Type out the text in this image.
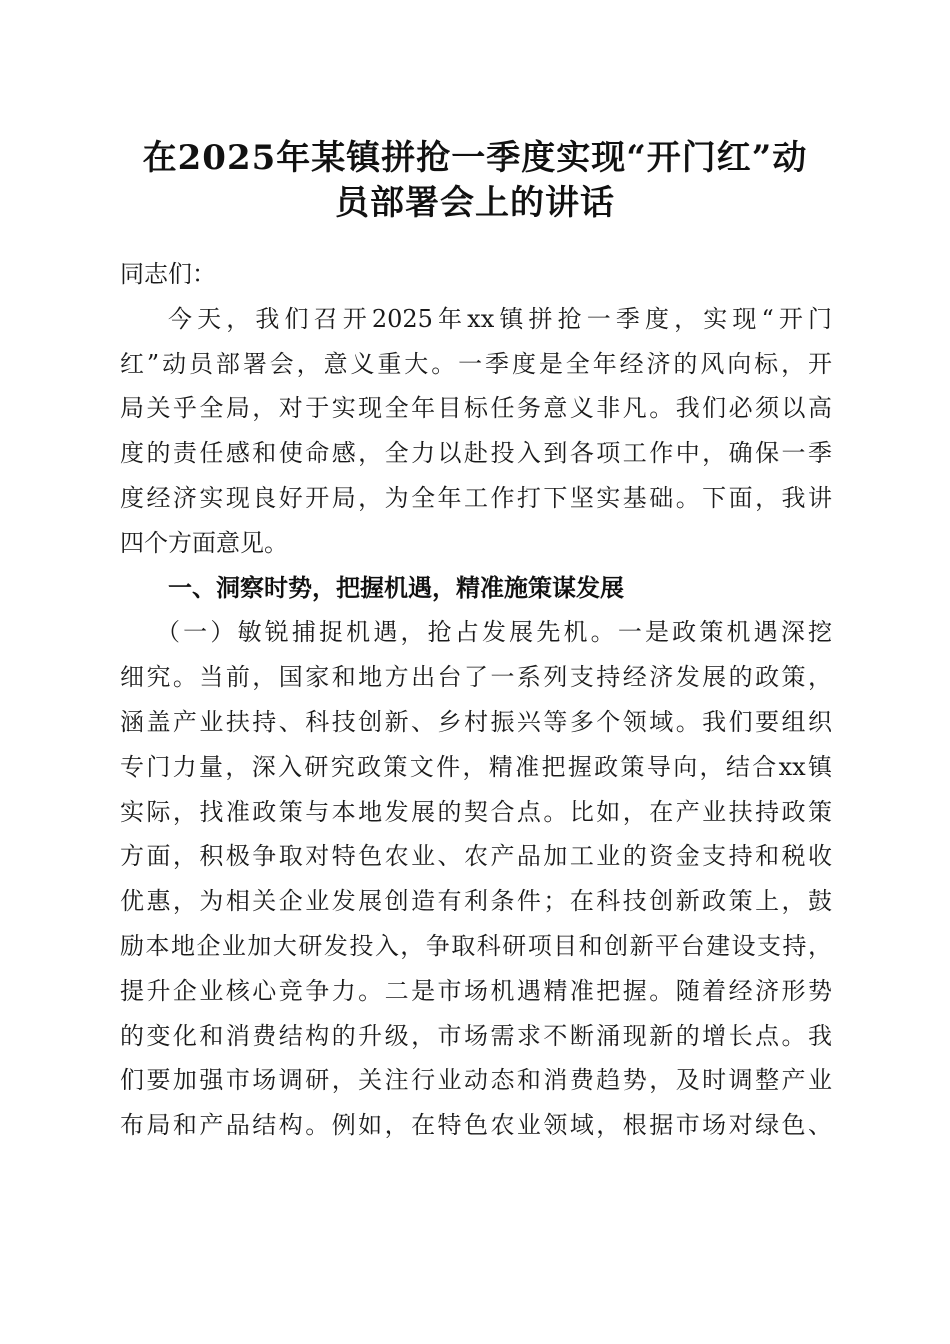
在2025年某镇拼抢一季度实现“开门红”动
员部署会上的讲话
同志们：
今天，我们召开2025年xx镇拼抢一季度，实现“开门
红”动员部署会，意义重大。一季度是全年经济的风向标，开
局关乎全局，对于实现全年目标任务意义非凡。我们必须以高
度的责任感和使命感，全力以赴投入到各项工作中，确保一季
度经济实现良好开局，为全年工作打下坚实基础。下面，我讲
四个方面意见。
一、洞察时势，把握机遇，精准施策谋发展
（一）敏锐捕捉机遇，抢占发展先机。一是政策机遇深挖
细究。当前，国家和地方出台了一系列支持经济发展的政策，
涵盖产业扶持、科技创新、乡村振兴等多个领域。我们要组织
专门力量，深入研究政策文件，精准把握政策导向，结合xx镇
实际，找准政策与本地发展的契合点。比如，在产业扶持政策
方面，积极争取对特色农业、农产品加工业的资金支持和税收
优惠，为相关企业发展创造有利条件；在科技创新政策上，鼓
励本地企业加大研发投入，争取科研项目和创新平台建设支持，
提升企业核心竞争力。二是市场机遇精准把握。随着经济形势
的变化和消费结构的升级，市场需求不断涌现新的增长点。我
们要加强市场调研，关注行业动态和消费趋势，及时调整产业
布局和产品结构。例如，在特色农业领域，根据市场对绿色、
